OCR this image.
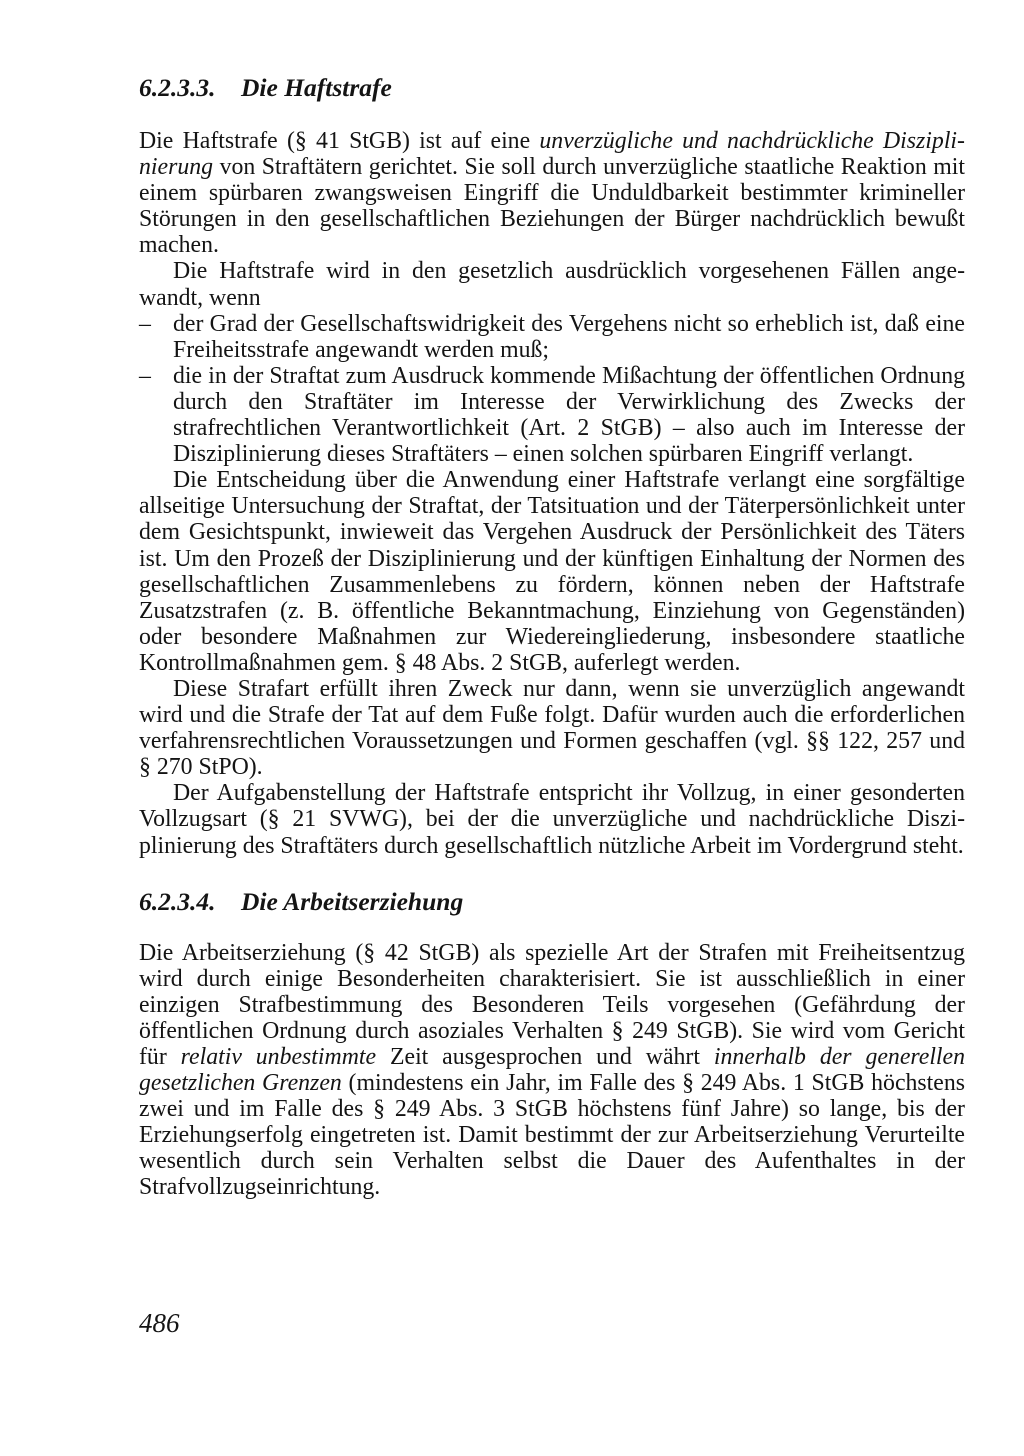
6.2.3.3. Die Haftstrafe

Die Haftstrafe (§ 41 StGB) ist auf eine unverzügliche und nachdrückliche Disziplinierung von Straftätern gerichtet. Sie soll durch unverzügliche staatliche Reaktion mit einem spürbaren zwangsweisen Eingriff die Unduldbarkeit bestimmter krimineller Störungen in den gesellschaftlichen Beziehungen der Bürger nachdrücklich bewußt machen.

Die Haftstrafe wird in den gesetzlich ausdrücklich vorgesehenen Fällen angewandt, wenn

– der Grad der Gesellschaftswidrigkeit des Vergehens nicht so erheblich ist, daß eine Freiheitsstrafe angewandt werden muß;
– die in der Straftat zum Ausdruck kommende Mißachtung der öffentlichen Ordnung durch den Straftäter im Interesse der Verwirklichung des Zwecks der strafrechtlichen Verantwortlichkeit (Art. 2 StGB) – also auch im Interesse der Disziplinierung dieses Straftäters – einen solchen spürbaren Eingriff verlangt.

Die Entscheidung über die Anwendung einer Haftstrafe verlangt eine sorgfältige allseitige Untersuchung der Straftat, der Tatsituation und der Täterpersönlichkeit unter dem Gesichtspunkt, inwieweit das Vergehen Ausdruck der Persönlichkeit des Täters ist. Um den Prozeß der Disziplinierung und der künftigen Einhaltung der Normen des gesellschaftlichen Zusammenlebens zu fördern, können neben der Haftstrafe Zusatzstrafen (z. B. öffentliche Bekanntmachung, Einziehung von Gegenständen) oder besondere Maßnahmen zur Wiedereingliederung, insbesondere staatliche Kontrollmaßnahmen gem. § 48 Abs. 2 StGB, auferlegt werden.

Diese Strafart erfüllt ihren Zweck nur dann, wenn sie unverzüglich angewandt wird und die Strafe der Tat auf dem Fuße folgt. Dafür wurden auch die erforderlichen verfahrensrechtlichen Voraussetzungen und Formen geschaffen (vgl. §§ 122, 257 und § 270 StPO).

Der Aufgabenstellung der Haftstrafe entspricht ihr Vollzug, in einer gesonderten Vollzugsart (§ 21 SVWG), bei der die unverzügliche und nachdrückliche Disziplinierung des Straftäters durch gesellschaftlich nützliche Arbeit im Vordergrund steht.

6.2.3.4. Die Arbeitserziehung

Die Arbeitserziehung (§ 42 StGB) als spezielle Art der Strafen mit Freiheitsentzug wird durch einige Besonderheiten charakterisiert. Sie ist ausschließlich in einer einzigen Strafbestimmung des Besonderen Teils vorgesehen (Gefährdung der öffentlichen Ordnung durch asoziales Verhalten § 249 StGB). Sie wird vom Gericht für relativ unbestimmte Zeit ausgesprochen und währt innerhalb der generellen gesetzlichen Grenzen (mindestens ein Jahr, im Falle des § 249 Abs. 1 StGB höchstens zwei und im Falle des § 249 Abs. 3 StGB höchstens fünf Jahre) so lange, bis der Erziehungserfolg eingetreten ist. Damit bestimmt der zur Arbeitserziehung Verurteilte wesentlich durch sein Verhalten selbst die Dauer des Aufenthaltes in der Strafvollzugseinrichtung.

486
